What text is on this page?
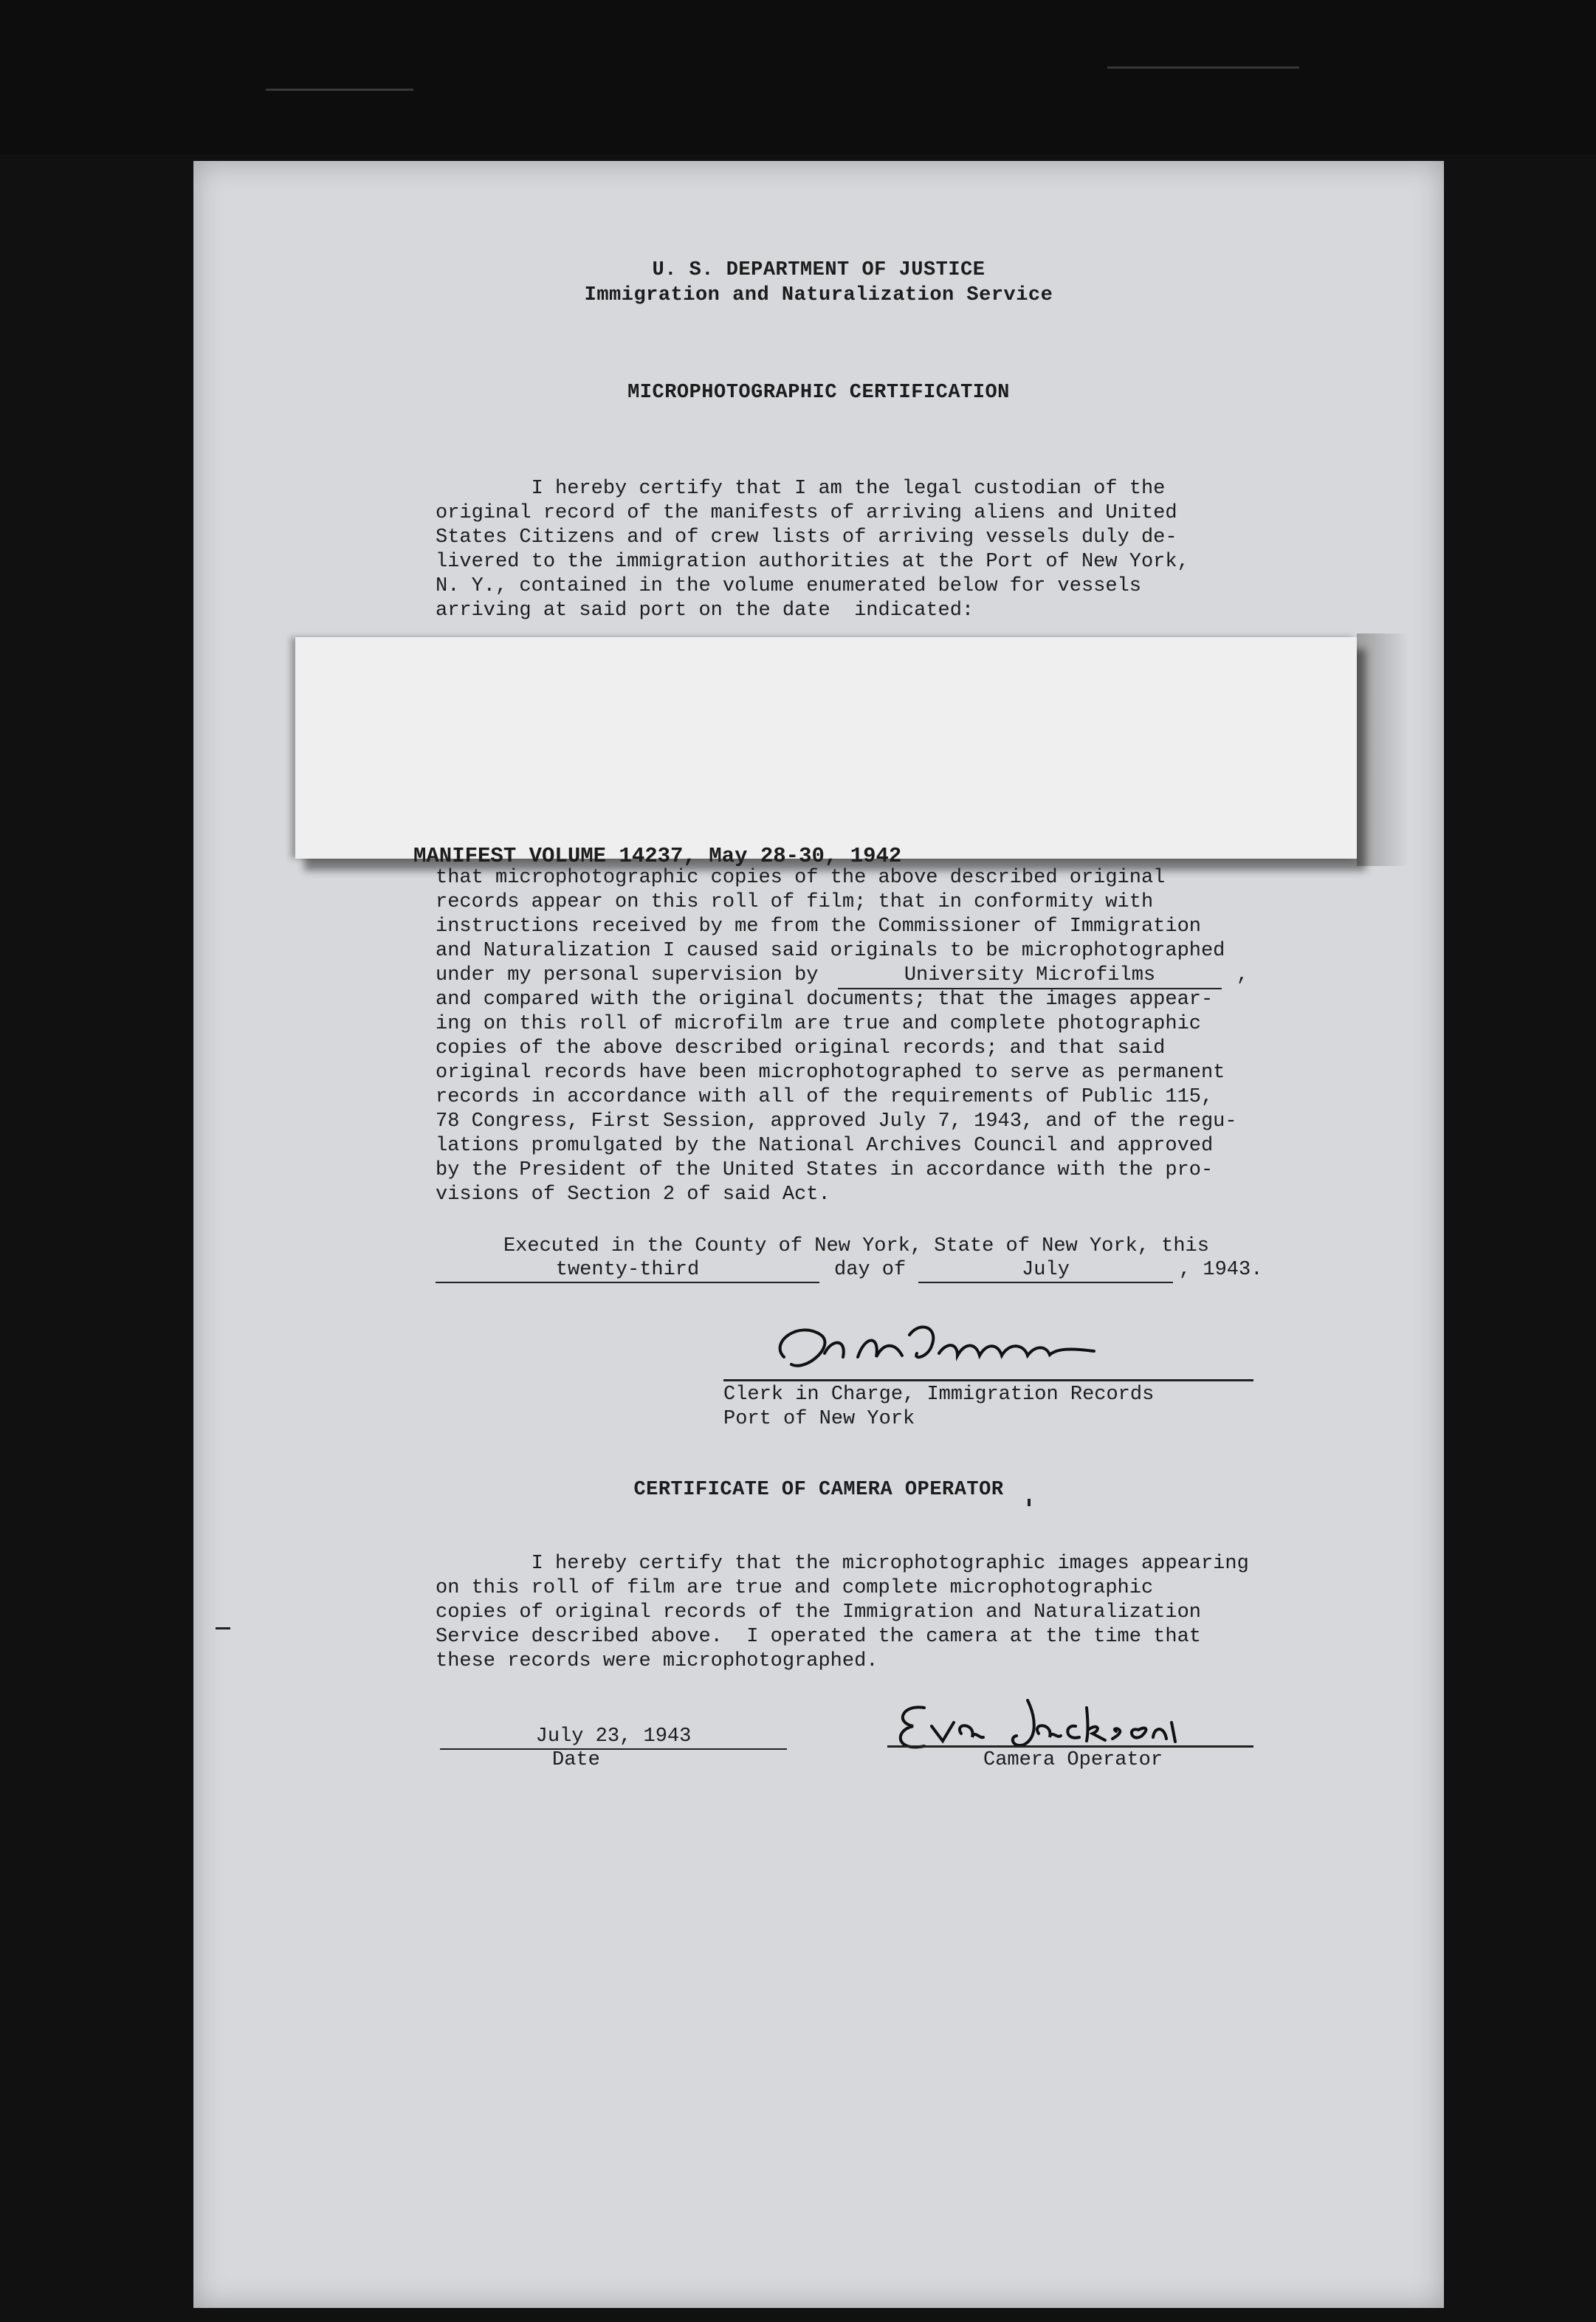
U. S. DEPARTMENT OF JUSTICE
Immigration and Naturalization Service
MICROPHOTOGRAPHIC CERTIFICATION

I hereby certify that I am the legal custodian of the

original record of the manifests of arriving aliens and United

States Citizens and of crew lists of arriving vessels duly de-

livered to the immigration authorities at the Port of New York,

N. Y., contained in the volume enumerated below for vessels

arriving at said port on the date  indicated:

MANIFEST VOLUME 14237, May 28-30, 1942

that microphotographic copies of the above described original

records appear on this roll of film; that in conformity with

instructions received by me from the Commissioner of Immigration

and Naturalization I caused said originals to be microphotographed

under my personal supervision by	University Microfilms	,

and compared with the original documents; that the images appear-

ing on this roll of microfilm are true and complete photographic

copies of the above described original records; and that said

original records have been microphotographed to serve as permanent

records in accordance with all of the requirements of Public 115,

78 Congress, First Session, approved July 7, 1943, and of the regu-

lations promulgated by the National Archives Council and approved

by the President of the United States in accordance with the pro-

visions of Section 2 of said Act.

Executed in the County of New York, State of New York, this
twenty-third	day of	July	, 1943.
Clerk in Charge, Immigration Records
Port of New York
CERTIFICATE OF CAMERA OPERATOR

I hereby certify that the microphotographic images appearing

on this roll of film are true and complete microphotographic

copies of original records of the Immigration and Naturalization

Service described above.  I operated the camera at the time that

these records were microphotographed.

July 23, 1943
Date	Camera Operator
